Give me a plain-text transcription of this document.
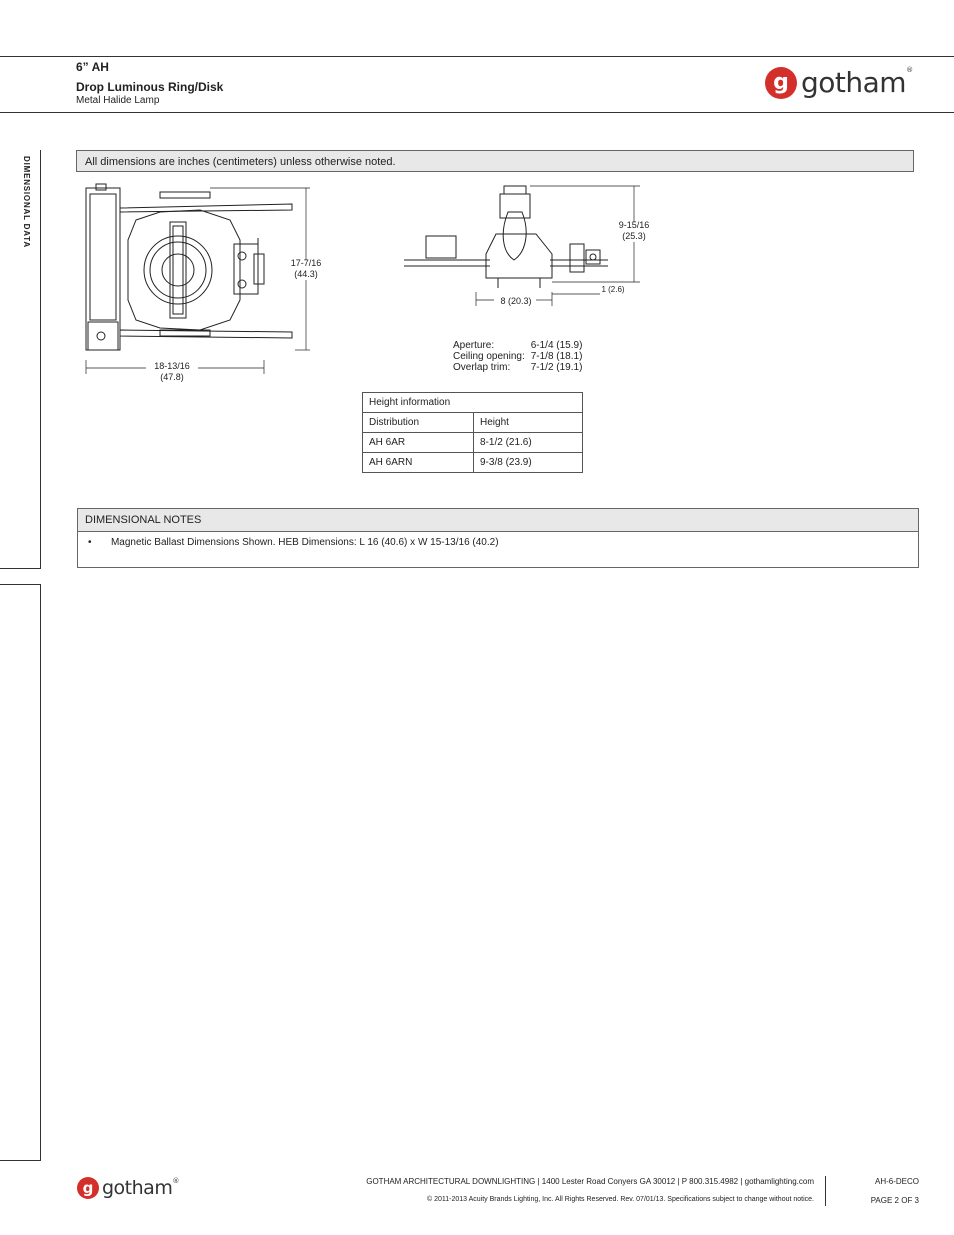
6” AH
Drop Luminous Ring/Disk
Metal Halide Lamp
g gotham®
DIMENSIONAL DATA	All dimensions are inches (centimeters) unless otherwise noted.
17-7/16
(44.3)
18-13/16
(47.8)
9-15/16
(25.3)
8 (20.3)
1 (2.6)
Aperture:	6-1/4 (15.9)
Ceiling opening:	7-1/8 (18.1)
Overlap trim:	7-1/2 (19.1)
Height information	
Distribution	Height
AH 6AR	8-1/2 (21.6)
AH 6ARN	9-3/8 (23.9)
DIMENSIONAL NOTES
•       Magnetic Ballast Dimensions Shown. HEB Dimensions: L 16 (40.6) x W 15-13/16 (40.2)
g gotham®	GOTHAM ARCHITECTURAL DOWNLIGHTING | 1400 Lester Road Conyers GA 30012 | P 800.315.4982 | gothamlighting.com
© 2011-2013 Acuity Brands Lighting, Inc. All Rights Reserved. Rev. 07/01/13. Specifications subject to change without notice.
AH-6-DECO
PAGE 2 OF 3
